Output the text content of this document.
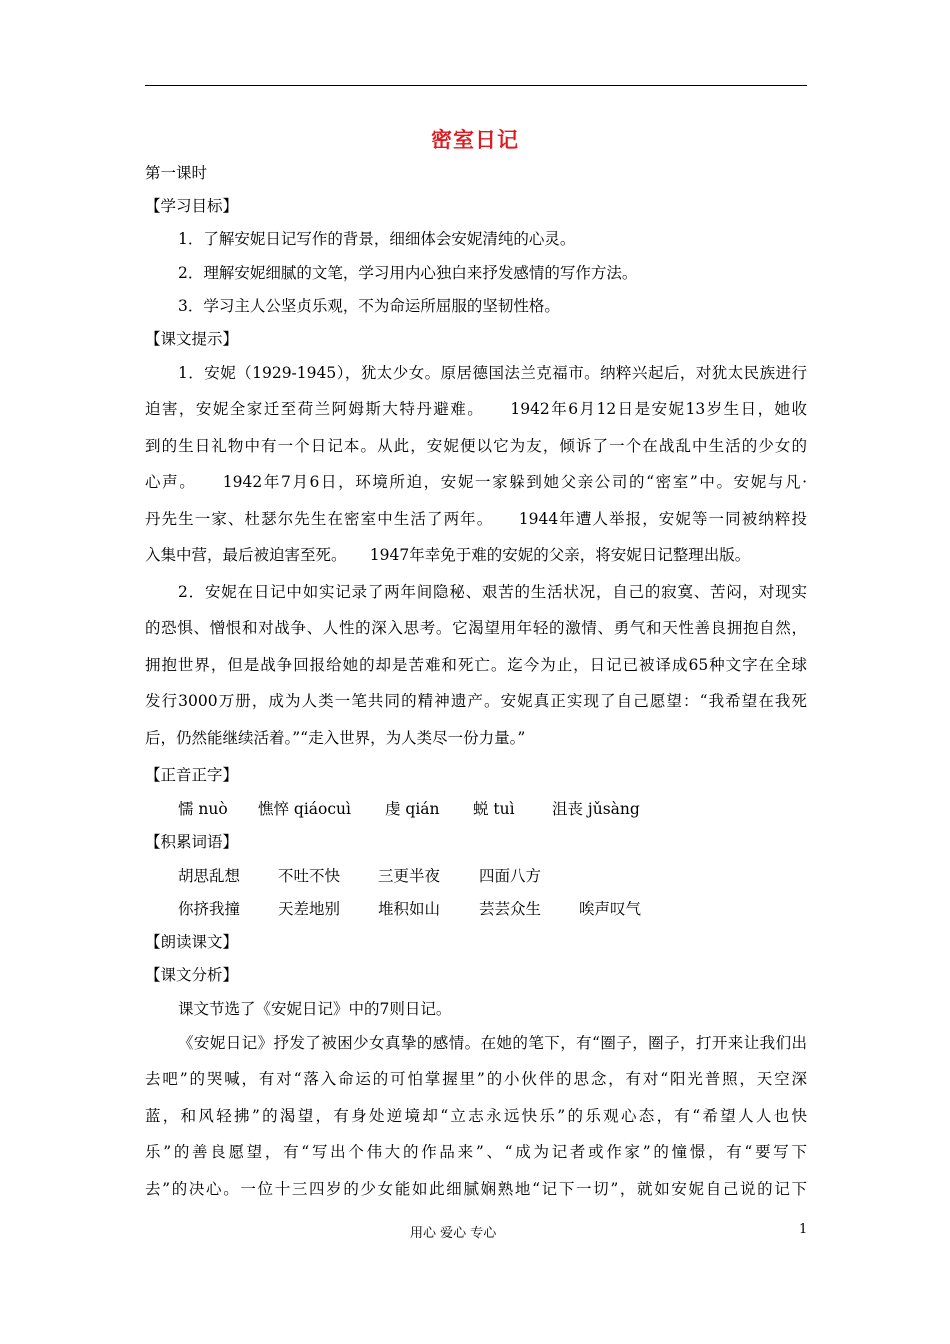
密室日记
第一课时
【学习目标】
1．了解安妮日记写作的背景，细细体会安妮清纯的心灵。
2．理解安妮细腻的文笔，学习用内心独白来抒发感情的写作方法。
3．学习主人公坚贞乐观，不为命运所屈服的坚韧性格。
【课文提示】
1．安妮（1929-1945），犹太少女。原居德国法兰克福市。纳粹兴起后，对犹太民族进行
迫害，安妮全家迁至荷兰阿姆斯大特丹避难。　　1942年6月12日是安妮13岁生日，她收
到的生日礼物中有一个日记本。从此，安妮便以它为友，倾诉了一个在战乱中生活的少女的
心声。　　1942年7月6日，环境所迫，安妮一家躲到她父亲公司的“密室”中。安妮与凡·
丹先生一家、杜瑟尔先生在密室中生活了两年。　　1944年遭人举报，安妮等一同被纳粹投
入集中营，最后被迫害至死。　　1947年幸免于难的安妮的父亲，将安妮日记整理出版。
2．安妮在日记中如实记录了两年间隐秘、艰苦的生活状况，自己的寂寞、苦闷，对现实
的恐惧、憎恨和对战争、人性的深入思考。它渴望用年轻的激情、勇气和天性善良拥抱自然，
拥抱世界，但是战争回报给她的却是苦难和死亡。迄今为止，日记已被译成65种文字在全球
发行3000万册，成为人类一笔共同的精神遗产。安妮真正实现了自己愿望：“我希望在我死
后，仍然能继续活着。”“走入世界，为人类尽一份力量。”
【正音正字】
懦 nuò 憔悴 qiáocuì 虔 qián 蜕 tuì 沮丧 jǔsàng
【积累词语】
胡思乱想 不吐不快 三更半夜	四面八方
你挤我撞 天差地别 堆积如山	芸芸众生 唉声叹气
【朗读课文】
【课文分析】
课文节选了《安妮日记》中的7则日记。
《安妮日记》抒发了被困少女真挚的感情。在她的笔下，有“圈子，圈子，打开来让我们出
去吧”的哭喊，有对“落入命运的可怕掌握里”的小伙伴的思念，有对“阳光普照，天空深
蓝，和风轻拂”的渴望，有身处逆境却“立志永远快乐”的乐观心态，有“希望人人也快
乐”的善良愿望，有“写出个伟大的作品来”、“成为记者或作家”的憧憬，有“要写下
去”的决心。一位十三四岁的少女能如此细腻娴熟地“记下一切”，就如安妮自己说的记下
用心 爱心 专心	1
